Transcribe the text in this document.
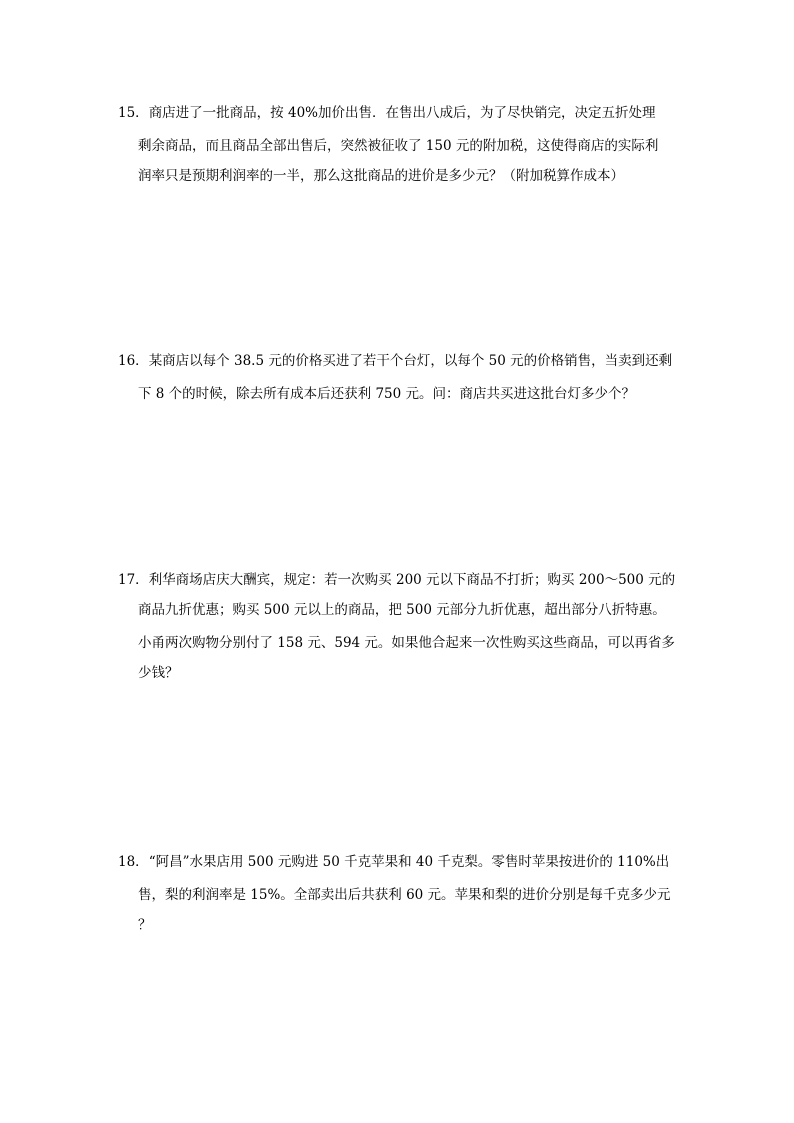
15．商店进了一批商品，按 40%加价出售．在售出八成后，为了尽快销完，决定五折处理
剩余商品，而且商品全部出售后，突然被征收了 150 元的附加税，这使得商店的实际利
润率只是预期利润率的一半，那么这批商品的进价是多少元？（附加税算作成本）
16．某商店以每个 38.5 元的价格买进了若干个台灯，以每个 50 元的价格销售，当卖到还剩
下 8 个的时候，除去所有成本后还获利 750 元。问：商店共买进这批台灯多少个？
17．利华商场店庆大酬宾，规定：若一次购买 200 元以下商品不打折；购买 200～500 元的
商品九折优惠；购买 500 元以上的商品，把 500 元部分九折优惠，超出部分八折特惠。
小甬两次购物分别付了 158 元、594 元。如果他合起来一次性购买这些商品，可以再省多
少钱？
18．“阿昌”水果店用 500 元购进 50 千克苹果和 40 千克梨。零售时苹果按进价的 110%出
售，梨的利润率是 15%。全部卖出后共获利 60 元。苹果和梨的进价分别是每千克多少元
？
